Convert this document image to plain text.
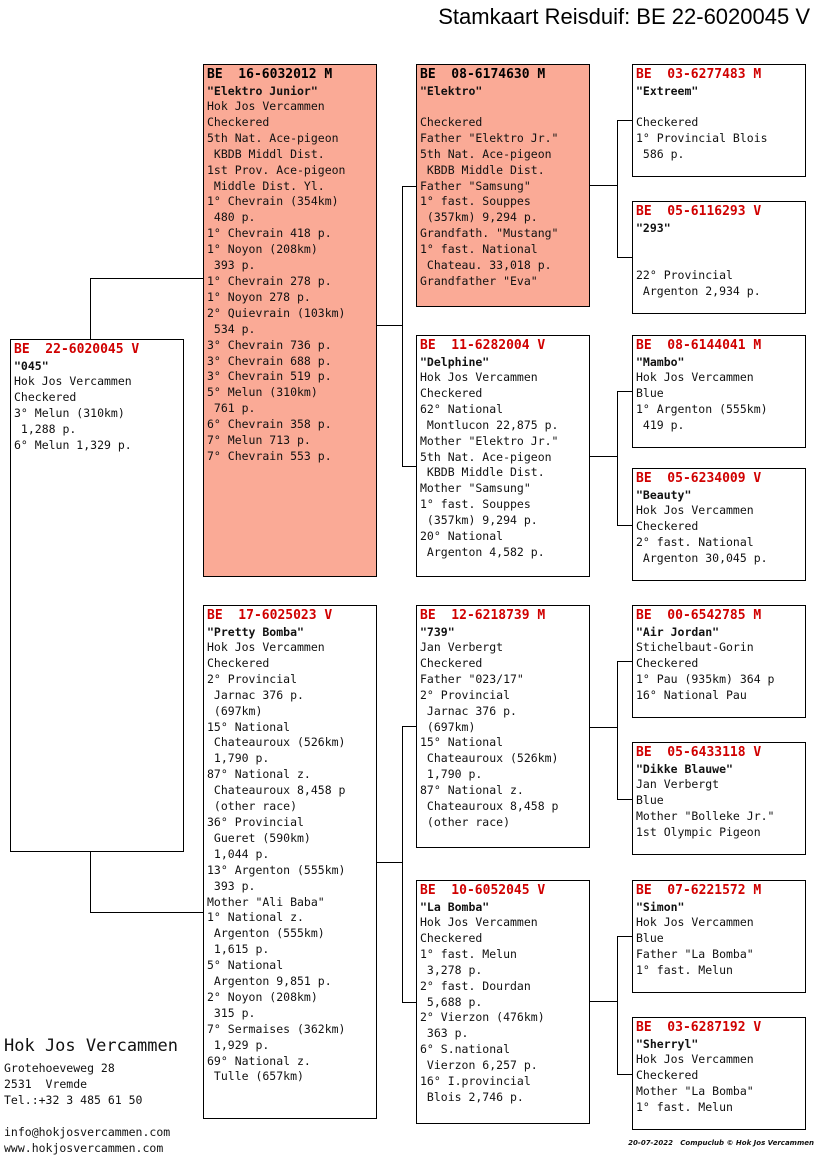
Stamkaart Reisduif: BE 22-6020045 V
BE  22-6020045 V
"045"
Hok Jos Vercammen
Checkered
3° Melun (310km)
1,288 p.
6° Melun 1,329 p.
BE  16-6032012 M
"Elektro Junior"
Hok Jos Vercammen
Checkered
5th Nat. Ace-pigeon
KBDB Middl Dist.
1st Prov. Ace-pigeon
Middle Dist. Yl.
1° Chevrain (354km)
480 p.
1° Chevrain 418 p.
1° Noyon (208km)
393 p.
1° Chevrain 278 p.
1° Noyon 278 p.
2° Quievrain (103km)
534 p.
3° Chevrain 736 p.
3° Chevrain 688 p.
3° Chevrain 519 p.
5° Melun (310km)
761 p.
6° Chevrain 358 p.
7° Melun 713 p.
7° Chevrain 553 p.
BE  17-6025023 V
"Pretty Bomba"
Hok Jos Vercammen
Checkered
2° Provincial
Jarnac 376 p.
(697km)
15° National
Chateauroux (526km)
1,790 p.
87° National z.
Chateauroux 8,458 p
(other race)
36° Provincial
Gueret (590km)
1,044 p.
13° Argenton (555km)
393 p.
Mother "Ali Baba"
1° National z.
Argenton (555km)
1,615 p.
5° National
Argenton 9,851 p.
2° Noyon (208km)
315 p.
7° Sermaises (362km)
1,929 p.
69° National z.
Tulle (657km)
BE  08-6174630 M
"Elektro"

Checkered
Father "Elektro Jr."
5th Nat. Ace-pigeon
KBDB Middle Dist.
Father "Samsung"
1° fast. Souppes
(357km) 9,294 p.
Grandfath. "Mustang"
1° fast. National
Chateau. 33,018 p.
Grandfather "Eva"
BE  11-6282004 V
"Delphine"
Hok Jos Vercammen
Checkered
62° National
Montlucon 22,875 p.
Mother "Elektro Jr."
5th Nat. Ace-pigeon
KBDB Middle Dist.
Mother "Samsung"
1° fast. Souppes
(357km) 9,294 p.
20° National
Argenton 4,582 p.
BE  12-6218739 M
"739"
Jan Verbergt
Checkered
Father "023/17"
2° Provincial
Jarnac 376 p.
(697km)
15° National
Chateauroux (526km)
1,790 p.
87° National z.
Chateauroux 8,458 p
(other race)
BE  10-6052045 V
"La Bomba"
Hok Jos Vercammen
Checkered
1° fast. Melun
3,278 p.
2° fast. Dourdan
5,688 p.
2° Vierzon (476km)
363 p.
6° S.national
Vierzon 6,257 p.
16° I.provincial
Blois 2,746 p.
BE  03-6277483 M
"Extreem"

Checkered
1° Provincial Blois
586 p.
BE  05-6116293 V
"293"

22° Provincial
Argenton 2,934 p.
BE  08-6144041 M
"Mambo"
Hok Jos Vercammen
Blue
1° Argenton (555km)
419 p.
BE  05-6234009 V
"Beauty"
Hok Jos Vercammen
Checkered
2° fast. National
Argenton 30,045 p.
BE  00-6542785 M
"Air Jordan"
Stichelbaut-Gorin
Checkered
1° Pau (935km) 364 p
16° National Pau
BE  05-6433118 V
"Dikke Blauwe"
Jan Verbergt
Blue
Mother "Bolleke Jr."
1st Olympic Pigeon
BE  07-6221572 M
"Simon"
Hok Jos Vercammen
Blue
Father "La Bomba"
1° fast. Melun
BE  03-6287192 V
"Sherryl"
Hok Jos Vercammen
Checkered
Mother "La Bomba"
1° fast. Melun
Hok Jos Vercammen
Grotehoeveweg 28
2531  Vremde
Tel.:+32 3 485 61 50
info@hokjosvercammen.com
www.hokjosvercammen.com	20-07-2022   Compuclub © Hok Jos Vercammen
